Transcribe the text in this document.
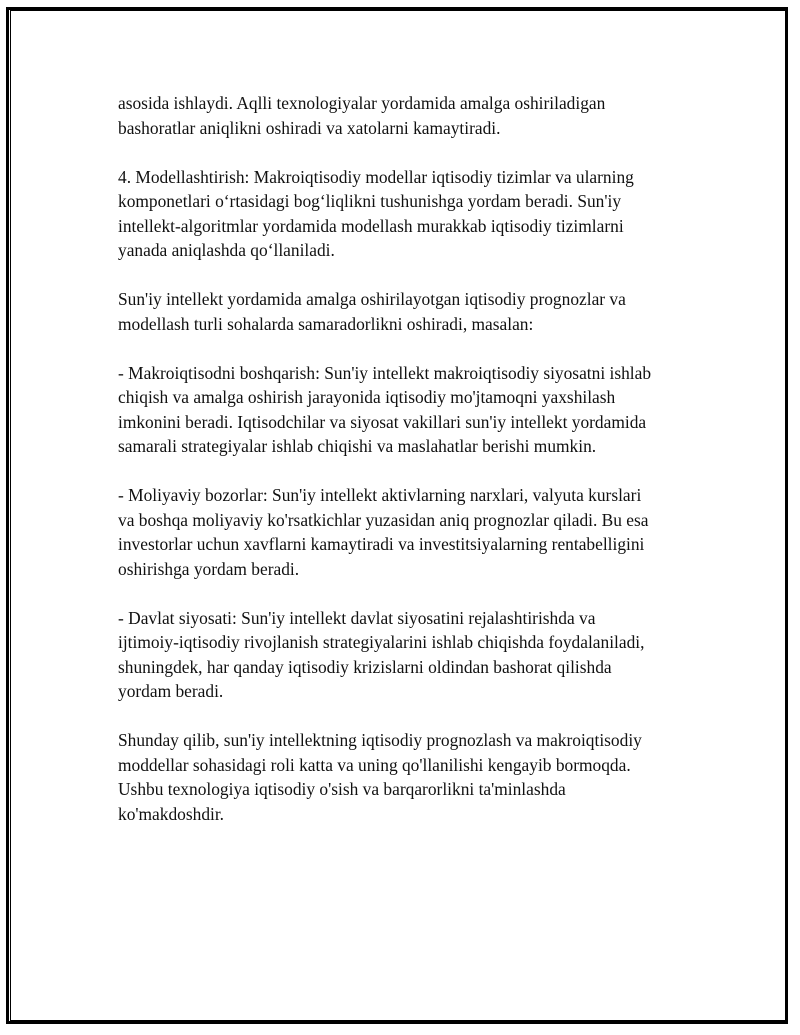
asosida ishlaydi. Aqlli texnologiyalar yordamida amalga oshiriladigan
bashoratlar aniqlikni oshiradi va xatolarni kamaytiradi.

4. Modellashtirish: Makroiqtisodiy modellar iqtisodiy tizimlar va ularning
komponetlari o‘rtasidagi bog‘liqlikni tushunishga yordam beradi. Sun'iy
intellekt-algoritmlar yordamida modellash murakkab iqtisodiy tizimlarni
yanada aniqlashda qo‘llaniladi.

Sun'iy intellekt yordamida amalga oshirilayotgan iqtisodiy prognozlar va
modellash turli sohalarda samaradorlikni oshiradi, masalan:

- Makroiqtisodni boshqarish: Sun'iy intellekt makroiqtisodiy siyosatni ishlab
chiqish va amalga oshirish jarayonida iqtisodiy mo'jtamoqni yaxshilash
imkonini beradi. Iqtisodchilar va siyosat vakillari sun'iy intellekt yordamida
samarali strategiyalar ishlab chiqishi va maslahatlar berishi mumkin.

- Moliyaviy bozorlar: Sun'iy intellekt aktivlarning narxlari, valyuta kurslari
va boshqa moliyaviy ko'rsatkichlar yuzasidan aniq prognozlar qiladi. Bu esa
investorlar uchun xavflarni kamaytiradi va investitsiyalarning rentabelligini
oshirishga yordam beradi.

- Davlat siyosati: Sun'iy intellekt davlat siyosatini rejalashtirishda va
ijtimoiy-iqtisodiy rivojlanish strategiyalarini ishlab chiqishda foydalaniladi,
shuningdek, har qanday iqtisodiy krizislarni oldindan bashorat qilishda
yordam beradi.

Shunday qilib, sun'iy intellektning iqtisodiy prognozlash va makroiqtisodiy
moddellar sohasidagi roli katta va uning qo'llanilishi kengayib bormoqda.
Ushbu texnologiya iqtisodiy o'sish va barqarorlikni ta'minlashda
ko'makdoshdir.
